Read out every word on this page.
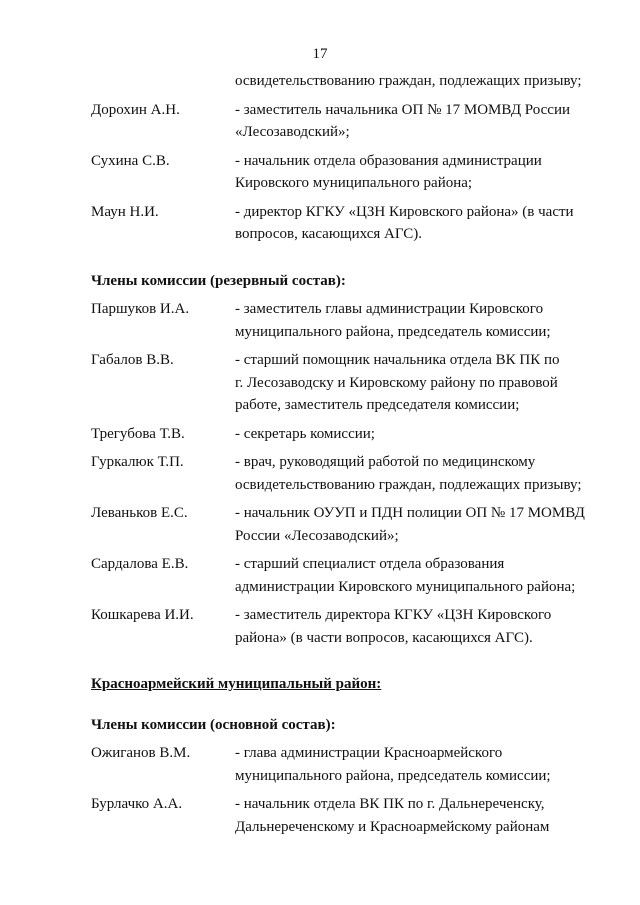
17
освидетельствованию граждан, подлежащих призыву;
Дорохин А.Н.	- заместитель начальника ОП № 17 МОМВД России
«Лесозаводский»;
Сухина С.В.	- начальник отдела образования администрации
Кировского муниципального района;
Маун Н.И.	- директор КГКУ «ЦЗН Кировского района» (в части
вопросов, касающихся АГС).
Члены комиссии (резервный состав):
Паршуков И.А.	- заместитель главы администрации Кировского
муниципального района, председатель комиссии;
Габалов В.В.	- старший помощник начальника отдела ВК ПК по
г. Лесозаводску и Кировскому району по правовой
работе, заместитель председателя комиссии;
Трегубова Т.В.	- секретарь комиссии;
Гуркалюк Т.П.	- врач, руководящий работой по медицинскому
освидетельствованию граждан, подлежащих призыву;
Леваньков Е.С.	- начальник ОУУП и ПДН полиции ОП № 17 МОМВД
России «Лесозаводский»;
Сардалова Е.В.	- старший специалист отдела образования
администрации Кировского муниципального района;
Кошкарева И.И.	- заместитель директора КГКУ «ЦЗН Кировского
района» (в части вопросов, касающихся АГС).
Красноармейский муниципальный район:
Члены комиссии (основной состав):
Ожиганов В.М.	- глава администрации Красноармейского
муниципального района, председатель комиссии;
Бурлачко А.А.	- начальник отдела ВК ПК по г. Дальнереченску,
Дальнереченскому и Красноармейскому районам
